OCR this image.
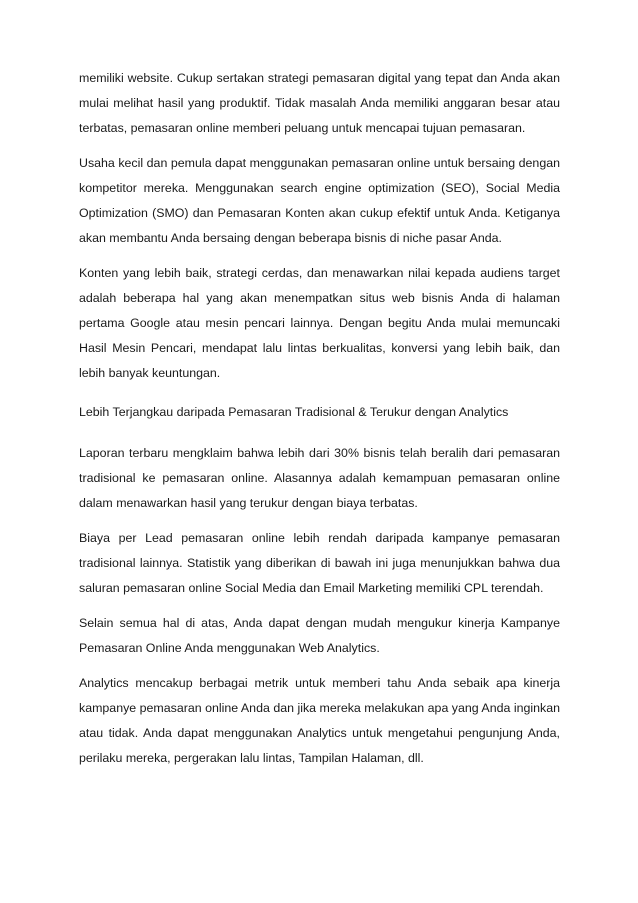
memiliki website. Cukup sertakan strategi pemasaran digital yang tepat dan Anda akan mulai melihat hasil yang produktif. Tidak masalah Anda memiliki anggaran besar atau terbatas, pemasaran online memberi peluang untuk mencapai tujuan pemasaran.

Usaha kecil dan pemula dapat menggunakan pemasaran online untuk bersaing dengan kompetitor mereka. Menggunakan search engine optimization (SEO), Social Media Optimization (SMO) dan Pemasaran Konten akan cukup efektif untuk Anda. Ketiganya akan membantu Anda bersaing dengan beberapa bisnis di niche pasar Anda.

Konten yang lebih baik, strategi cerdas, dan menawarkan nilai kepada audiens target adalah beberapa hal yang akan menempatkan situs web bisnis Anda di halaman pertama Google atau mesin pencari lainnya. Dengan begitu Anda mulai memuncaki Hasil Mesin Pencari, mendapat lalu lintas berkualitas, konversi yang lebih baik, dan lebih banyak keuntungan.

Lebih Terjangkau daripada Pemasaran Tradisional & Terukur dengan Analytics

Laporan terbaru mengklaim bahwa lebih dari 30% bisnis telah beralih dari pemasaran tradisional ke pemasaran online. Alasannya adalah kemampuan pemasaran online dalam menawarkan hasil yang terukur dengan biaya terbatas.

Biaya per Lead pemasaran online lebih rendah daripada kampanye pemasaran tradisional lainnya. Statistik yang diberikan di bawah ini juga menunjukkan bahwa dua saluran pemasaran online Social Media dan Email Marketing memiliki CPL terendah.

Selain semua hal di atas, Anda dapat dengan mudah mengukur kinerja Kampanye Pemasaran Online Anda menggunakan Web Analytics.

Analytics mencakup berbagai metrik untuk memberi tahu Anda sebaik apa kinerja kampanye pemasaran online Anda dan jika mereka melakukan apa yang Anda inginkan atau tidak. Anda dapat menggunakan Analytics untuk mengetahui pengunjung Anda, perilaku mereka, pergerakan lalu lintas, Tampilan Halaman, dll.
